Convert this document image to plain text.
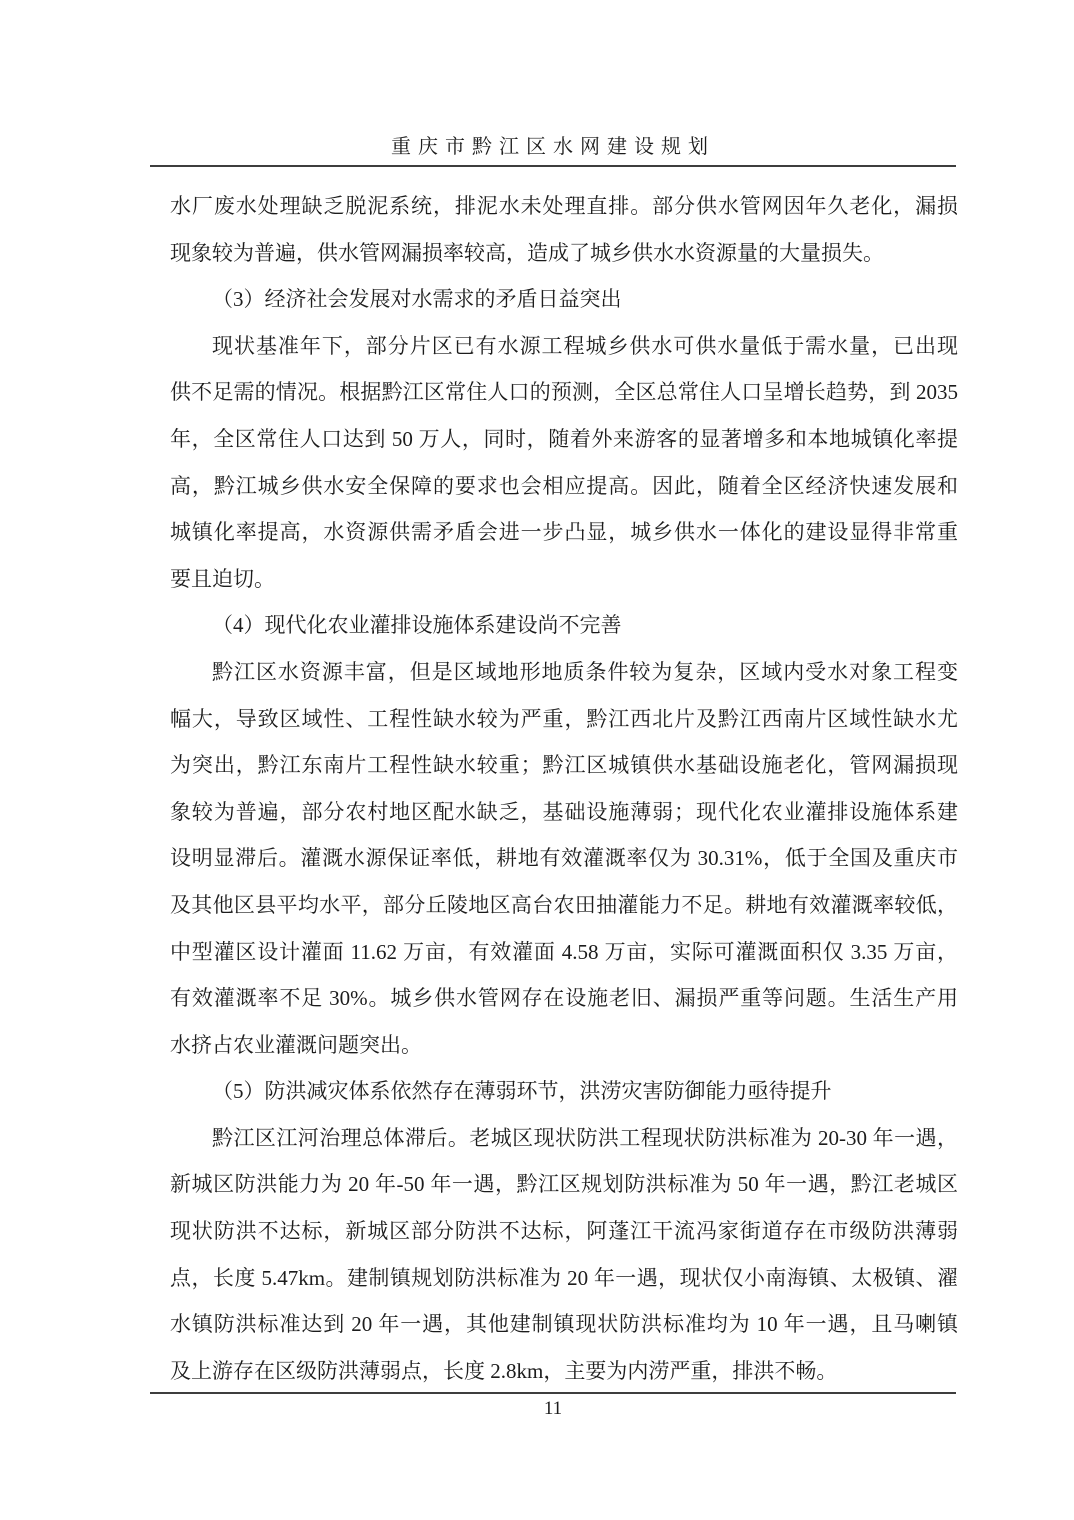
重庆市黔江区水网建设规划
水厂废水处理缺乏脱泥系统，排泥水未处理直排。部分供水管网因年久老化，漏损
现象较为普遍，供水管网漏损率较高，造成了城乡供水水资源量的大量损失。
（3）经济社会发展对水需求的矛盾日益突出
现状基准年下，部分片区已有水源工程城乡供水可供水量低于需水量，已出现
供不足需的情况。根据黔江区常住人口的预测，全区总常住人口呈增长趋势，到 2035
年，全区常住人口达到 50 万人，同时，随着外来游客的显著增多和本地城镇化率提
高，黔江城乡供水安全保障的要求也会相应提高。因此，随着全区经济快速发展和
城镇化率提高，水资源供需矛盾会进一步凸显，城乡供水一体化的建设显得非常重
要且迫切。
（4）现代化农业灌排设施体系建设尚不完善
黔江区水资源丰富，但是区域地形地质条件较为复杂，区域内受水对象工程变
幅大，导致区域性、工程性缺水较为严重，黔江西北片及黔江西南片区域性缺水尤
为突出，黔江东南片工程性缺水较重；黔江区城镇供水基础设施老化，管网漏损现
象较为普遍，部分农村地区配水缺乏，基础设施薄弱；现代化农业灌排设施体系建
设明显滞后。灌溉水源保证率低，耕地有效灌溉率仅为 30.31%，低于全国及重庆市
及其他区县平均水平，部分丘陵地区高台农田抽灌能力不足。耕地有效灌溉率较低，
中型灌区设计灌面 11.62 万亩，有效灌面 4.58 万亩，实际可灌溉面积仅 3.35 万亩，
有效灌溉率不足 30%。城乡供水管网存在设施老旧、漏损严重等问题。生活生产用
水挤占农业灌溉问题突出。
（5）防洪减灾体系依然存在薄弱环节，洪涝灾害防御能力亟待提升
黔江区江河治理总体滞后。老城区现状防洪工程现状防洪标准为 20-30 年一遇，
新城区防洪能力为 20 年-50 年一遇，黔江区规划防洪标准为 50 年一遇，黔江老城区
现状防洪不达标，新城区部分防洪不达标，阿蓬江干流冯家街道存在市级防洪薄弱
点，长度 5.47km。建制镇规划防洪标准为 20 年一遇，现状仅小南海镇、太极镇、濯
水镇防洪标准达到 20 年一遇，其他建制镇现状防洪标准均为 10 年一遇，且马喇镇
及上游存在区级防洪薄弱点，长度 2.8km，主要为内涝严重，排洪不畅。
11
